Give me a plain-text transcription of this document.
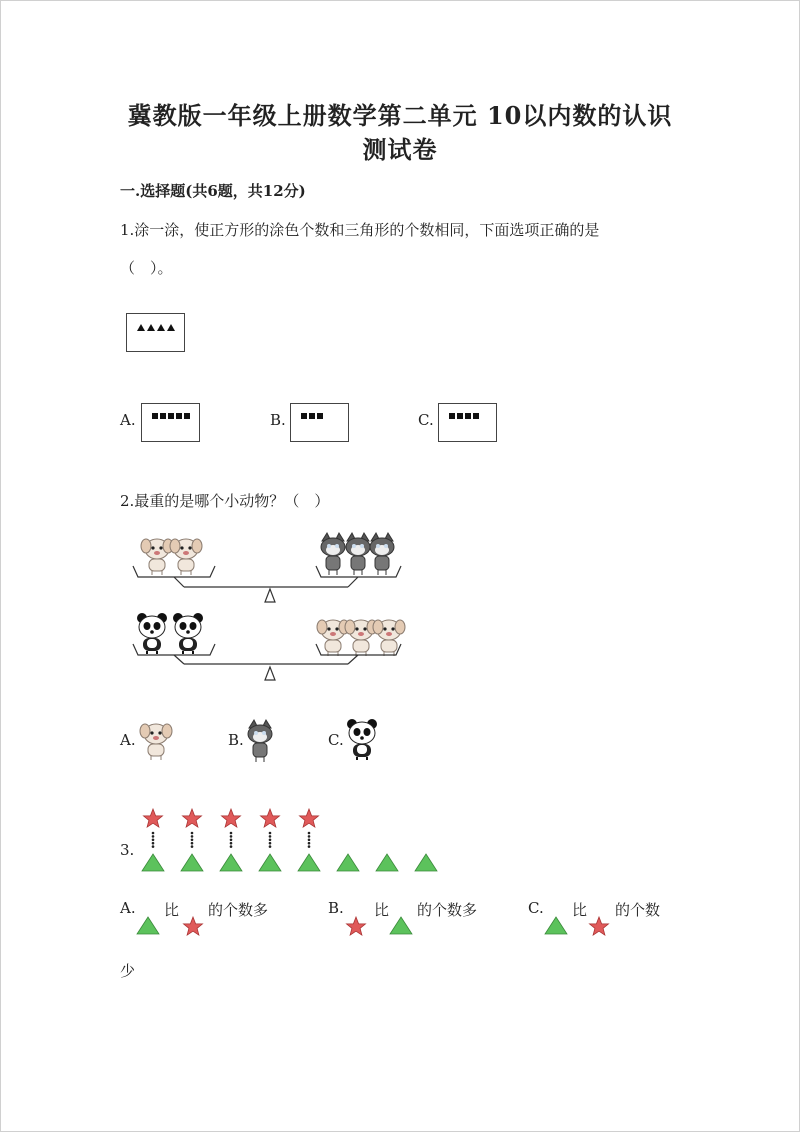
冀教版一年级上册数学第二单元 10以内数的认识
测试卷
一.选择题(共6题，共12分)
1.涂一涂，使正方形的涂色个数和三角形的个数相同，下面选项正确的是
（　）。
A.	B.	C.
2.最重的是哪个小动物？（　）
A.	B.	C.
3.
A. 比 的个数多	B. 比 的个数多	C. 比 的个数
少
